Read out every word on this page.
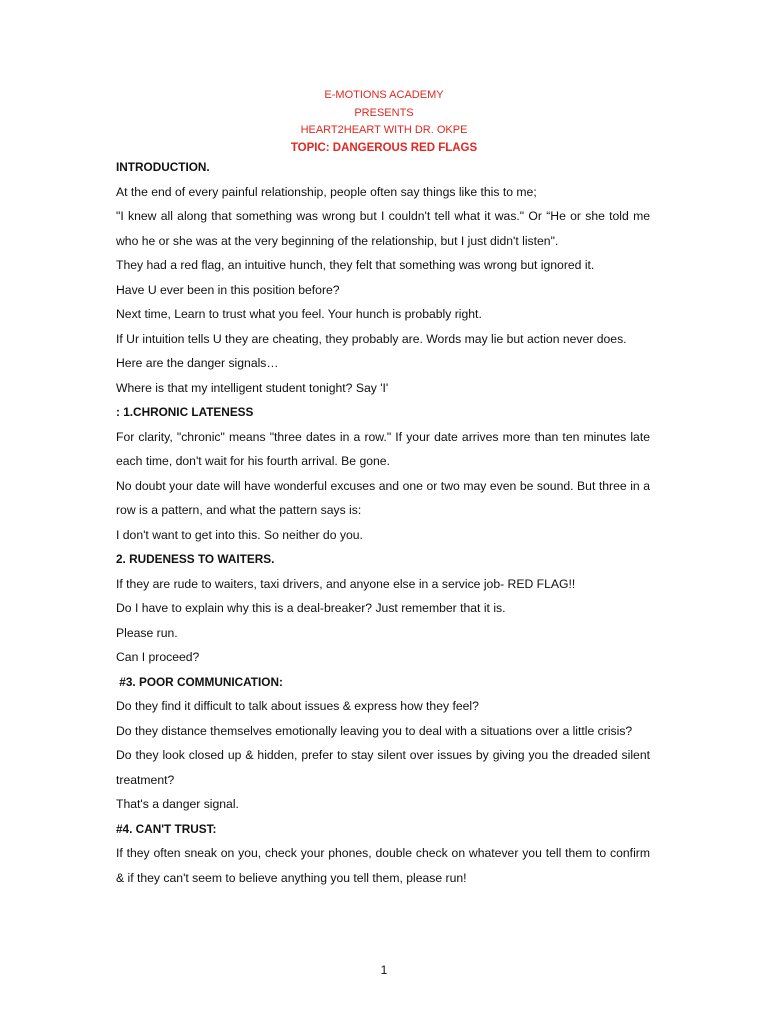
E-MOTIONS ACADEMY
PRESENTS
HEART2HEART WITH DR. OKPE
TOPIC: DANGEROUS RED FLAGS

INTRODUCTION.

At the end of every painful relationship, people often say things like this to me;

"I knew all along that something was wrong but I couldn't tell what it was." Or “He or she told me who he or she was at the very beginning of the relationship, but I just didn't listen".

They had a red flag, an intuitive hunch, they felt that something was wrong but ignored it.

Have U ever been in this position before?

Next time, Learn to trust what you feel. Your hunch is probably right.

If Ur intuition tells U they are cheating, they probably are. Words may lie but action never does.

Here are the danger signals…

Where is that my intelligent student tonight? Say 'I'

: 1.CHRONIC LATENESS

For clarity, "chronic" means "three dates in a row." If your date arrives more than ten minutes late each time, don't wait for his fourth arrival. Be gone.

No doubt your date will have wonderful excuses and one or two may even be sound. But three in a row is a pattern, and what the pattern says is:

I don't want to get into this. So neither do you.

2. RUDENESS TO WAITERS.

If they are rude to waiters, taxi drivers, and anyone else in a service job- RED FLAG!!

Do I have to explain why this is a deal-breaker? Just remember that it is.

Please run.

Can I proceed?

#3. POOR COMMUNICATION:

Do they find it difficult to talk about issues & express how they feel?

Do they distance themselves emotionally leaving you to deal with a situations over a little crisis?

Do they look closed up & hidden, prefer to stay silent over issues by giving you the dreaded silent treatment?

That's a danger signal.

#4. CAN'T TRUST:

If they often sneak on you, check your phones, double check on whatever you tell them to confirm & if they can't seem to believe anything you tell them, please run!

1
